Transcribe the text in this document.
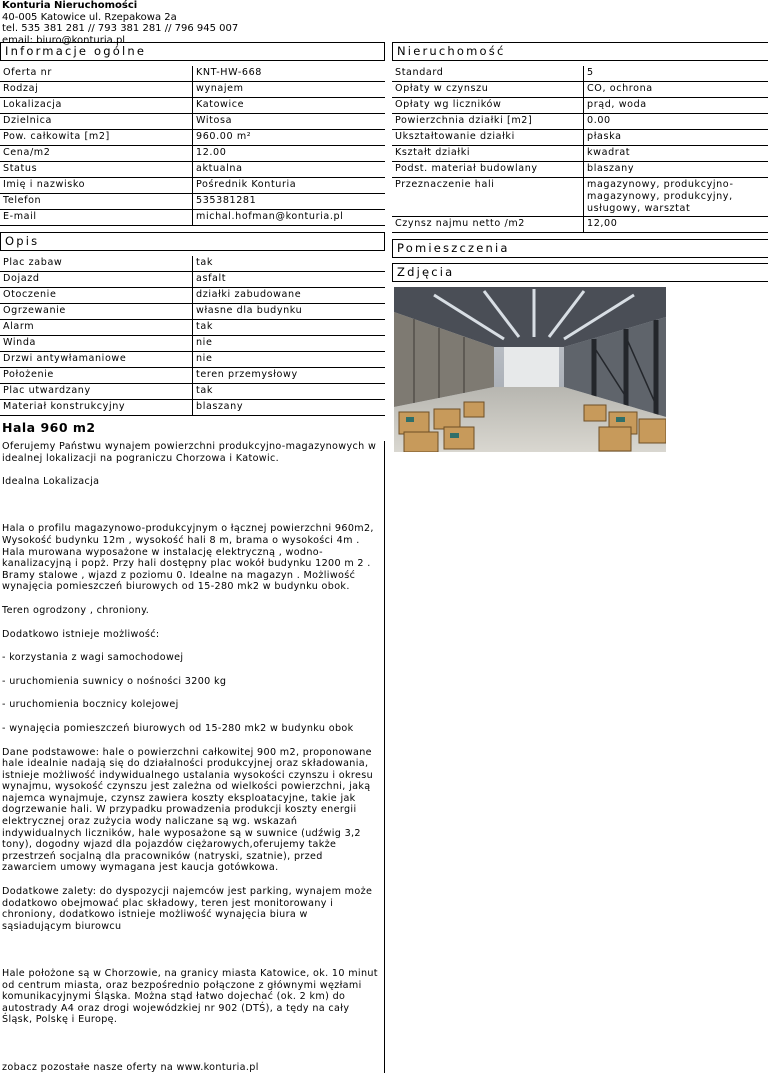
Konturia Nieruchomości
40-005 Katowice ul. Rzepakowa 2a
tel. 535 381 281 // 793 381 281 // 796 945 007
email: biuro@konturia.pl
Informacje ogólne
Oferta nr	KNT-HW-668
Rodzaj	wynajem
Lokalizacja	Katowice
Dzielnica	Witosa
Pow. całkowita [m2]	960.00 m²
Cena/m2	12.00
Status	aktualna
Imię i nazwisko	Pośrednik Konturia
Telefon	535381281
E-mail	michal.hofman@konturia.pl
Opis
Plac zabaw	tak
Dojazd	asfalt
Otoczenie	działki zabudowane
Ogrzewanie	własne dla budynku
Alarm	tak
Winda	nie
Drzwi antywłamaniowe	nie
Położenie	teren przemysłowy
Plac utwardzany	tak
Materiał konstrukcyjny	blaszany
Hala 960 m2

Oferujemy Państwu wynajem powierzchni produkcyjno-magazynowych w idealnej lokalizacji na pograniczu Chorzowa i Katowic.

Idealna Lokalizacja

Hala o profilu magazynowo-produkcyjnym o łącznej powierzchni 960m2, Wysokość budynku 12m , wysokość hali 8 m, brama o wysokości 4m . Hala murowana wyposażone w instalację elektryczną , wodno-kanalizacyjną i popż. Przy hali dostępny plac wokół budynku 1200 m 2 . Bramy stalowe , wjazd z poziomu 0. Idealne na magazyn . Możliwość wynajęcia pomieszczeń biurowych od 15-280 mk2 w budynku obok.

Teren ogrodzony , chroniony.

Dodatkowo istnieje możliwość:

- korzystania z wagi samochodowej

- uruchomienia suwnicy o nośności 3200 kg

- uruchomienia bocznicy kolejowej

- wynajęcia pomieszczeń biurowych od 15-280 mk2 w budynku obok

Dane podstawowe: hale o powierzchni całkowitej 900 m2, proponowane hale idealnie nadają się do działalności produkcyjnej oraz składowania, istnieje możliwość indywidualnego ustalania wysokości czynszu i okresu wynajmu, wysokość czynszu jest zależna od wielkości powierzchni, jaką najemca wynajmuje, czynsz zawiera koszty eksploatacyjne, takie jak dogrzewanie hali. W przypadku prowadzenia produkcji koszty energii elektrycznej oraz zużycia wody naliczane są wg. wskazań indywidualnych liczników, hale wyposażone są w suwnice (udźwig 3,2 tony), dogodny wjazd dla pojazdów ciężarowych,oferujemy także przestrzeń socjalną dla pracowników (natryski, szatnie), przed zawarciem umowy wymagana jest kaucja gotówkowa.

Dodatkowe zalety: do dyspozycji najemców jest parking, wynajem może dodatkowo obejmować plac składowy, teren jest monitorowany i chroniony, dodatkowo istnieje możliwość wynajęcia biura w sąsiadującym biurowcu

Hale położone są w Chorzowie, na granicy miasta Katowice, ok. 10 minut od centrum miasta, oraz bezpośrednio połączone z głównymi węzłami komunikacyjnymi Śląska. Można stąd łatwo dojechać (ok. 2 km) do autostrady A4 oraz drogi wojewódzkiej nr 902 (DTŚ), a tędy na cały Śląsk, Polskę i Europę.

zobacz pozostałe nasze oferty na www.konturia.pl

Nieruchomość
Standard	5
Opłaty w czynszu	CO, ochrona
Opłaty wg liczników	prąd, woda
Powierzchnia działki [m2]	0.00
Ukształtowanie działki	płaska
Kształt działki	kwadrat
Podst. materiał budowlany	blaszany
Przeznaczenie hali	magazynowy, produkcyjno-magazynowy, produkcyjny, usługowy, warsztat
Czynsz najmu netto /m2	12,00
Pomieszczenia
Zdjęcia
